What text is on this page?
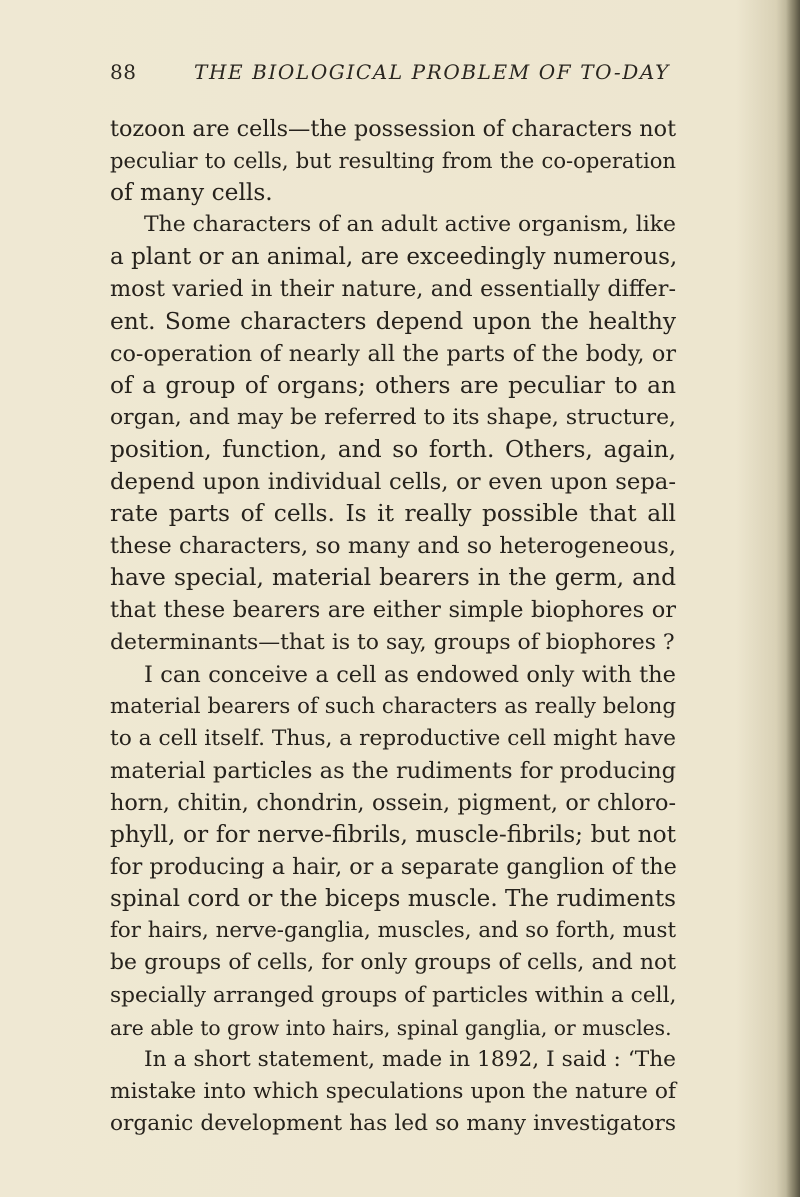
88	THE BIOLOGICAL PROBLEM OF TO-DAY
tozoon are cells—the possession of characters not
peculiar to cells, but resulting from the co-operation
of many cells.
The characters of an adult active organism, like
a plant or an animal, are exceedingly numerous,
most varied in their nature, and essentially differ-
ent. Some characters depend upon the healthy
co-operation of nearly all the parts of the body, or
of a group of organs; others are peculiar to an
organ, and may be referred to its shape, structure,
position, function, and so forth. Others, again,
depend upon individual cells, or even upon sepa-
rate parts of cells. Is it really possible that all
these characters, so many and so heterogeneous,
have special, material bearers in the germ, and
that these bearers are either simple biophores or
determinants—that is to say, groups of biophores ?
I can conceive a cell as endowed only with the
material bearers of such characters as really belong
to a cell itself. Thus, a reproductive cell might have
material particles as the rudiments for producing
horn, chitin, chondrin, ossein, pigment, or chloro-
phyll, or for nerve-fibrils, muscle-fibrils; but not
for producing a hair, or a separate ganglion of the
spinal cord or the biceps muscle. The rudiments
for hairs, nerve-ganglia, muscles, and so forth, must
be groups of cells, for only groups of cells, and not
specially arranged groups of particles within a cell,
are able to grow into hairs, spinal ganglia, or muscles.
In a short statement, made in 1892, I said : ‘The
mistake into which speculations upon the nature of
organic development has led so many investigators
